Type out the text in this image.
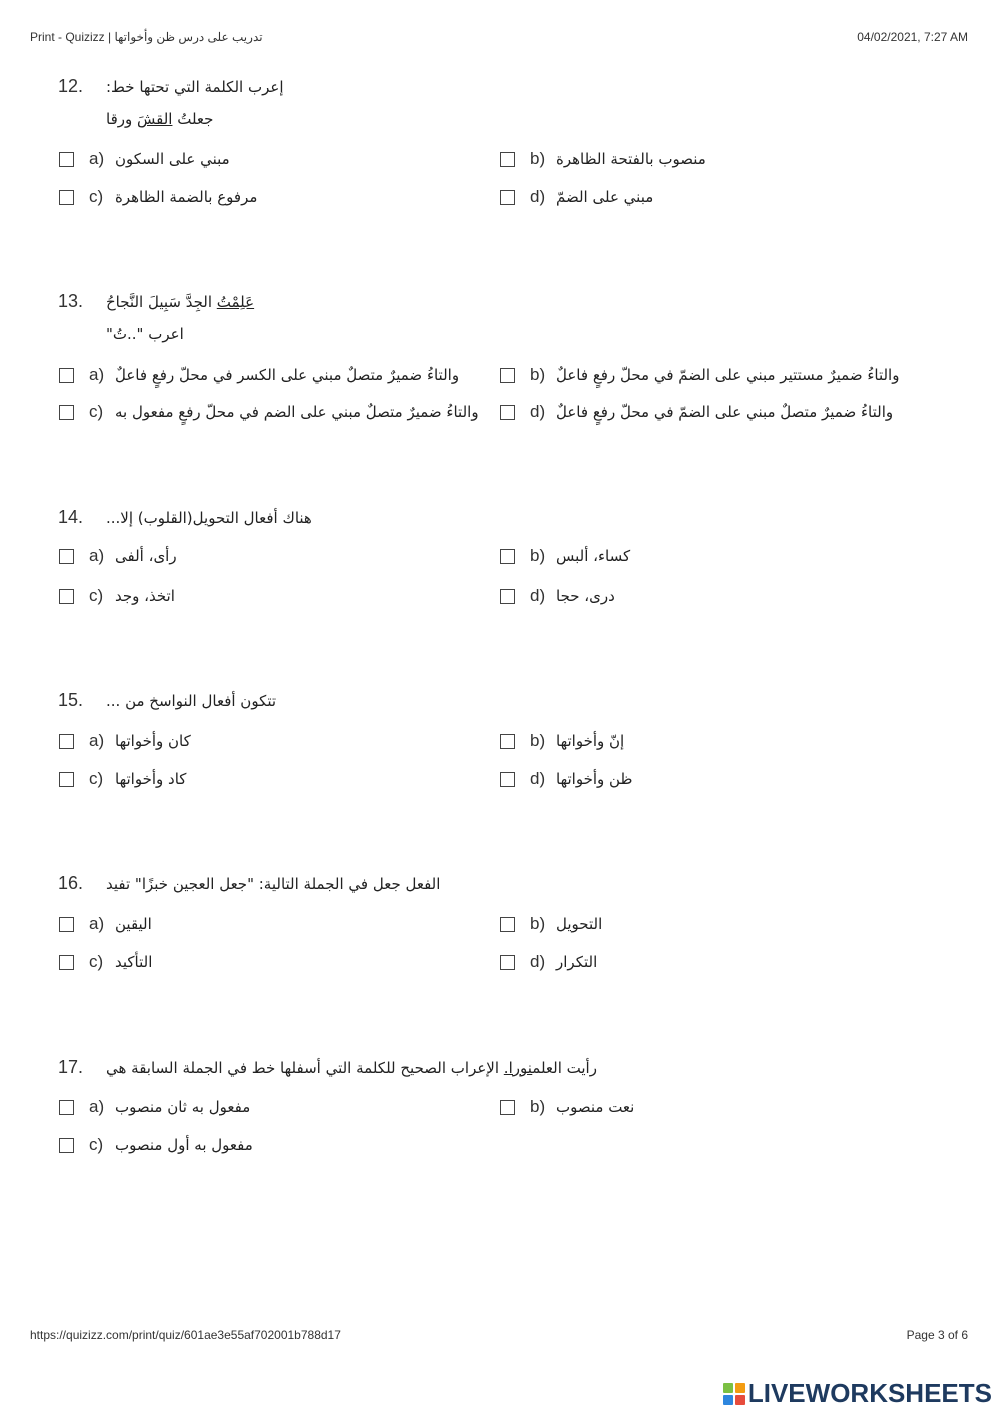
Print - Quizizz | تدريب على درس ظن وأخواتها	04/02/2021, 7:27 AM
12. إعرب الكلمة التي تحتها خط:
جعلتُ القشَ ورقا
a) مبني على السكون	b) منصوب بالفتحة الظاهرة
c) مرفوع بالضمة الظاهرة	d) مبني على الضمّ
13.	عَلِمْتُ الجِدَّ سَبِيلَ النَّجاحُ
اعرب "..تُ"
a) والتاءُ ضميرٌ متصلٌ مبني على الكسر في محلّ رفعٍ فاعلٌ	b) والتاءُ ضميرٌ مستتير مبني على الضمّ في محلّ رفعٍ فاعلٌ
c) والتاءُ ضميرٌ متصلٌ مبني على الضم في محلّ رفعٍ مفعول به	d) والتاءُ ضميرٌ متصلٌ مبني على الضمّ في محلّ رفعٍ فاعلٌ
14. هناك أفعال التحويل(القلوب) إلا...
a) رأى، ألفى	b) كساء، ألبس
c) اتخذ، وجد	d) درى، حجا
15. تتكون أفعال النواسخ من ...
a) كان وأخواتها	b) إنّ وأخواتها
c) كاد وأخواتها	d) ظن وأخواتها
16. الفعل جعل في الجملة التالية: "جعل العجين خبزًا" تفيد
a) اليقين	b) التحويل
c) التأكيد	d) التكرار
17.	رأيت العلمنورا. الإعراب الصحيح للكلمة التي أسفلها خط في الجملة السابقة هي
a) مفعول به ثان منصوب	b) نعت منصوب
c) مفعول به أول منصوب
https://quizizz.com/print/quiz/601ae3e55af702001b788d17	Page 3 of 6
LIVEWORKSHEETS
